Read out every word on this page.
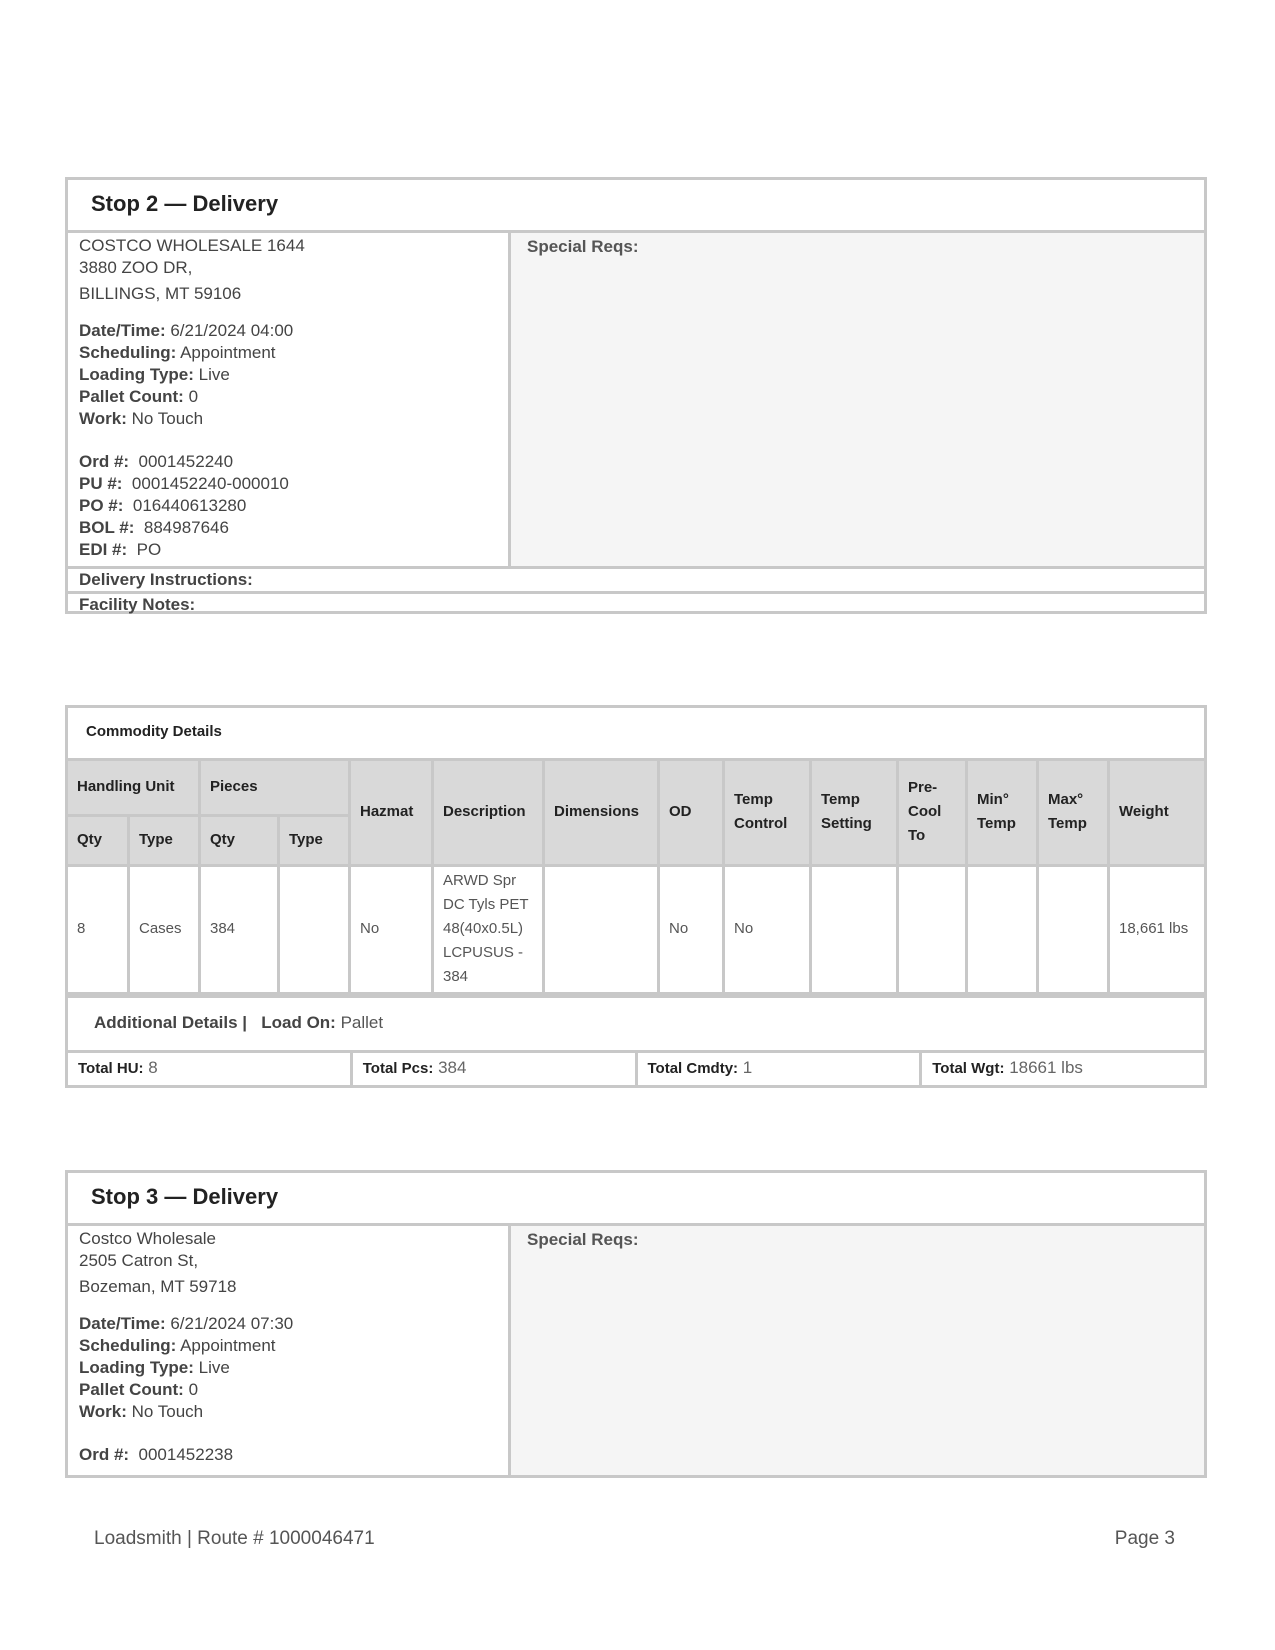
Stop 2 — Delivery
COSTCO WHOLESALE 1644
3880 ZOO DR,
BILLINGS, MT 59106
Date/Time: 6/21/2024 04:00
Scheduling: Appointment
Loading Type: Live
Pallet Count: 0
Work: No Touch
Ord #: 0001452240
PU #: 0001452240-000010
PO #: 016440613280
BOL #: 884987646
EDI #: PO
Special Reqs:
Delivery Instructions:
Facility Notes:
Commodity Details
Handling Unit		Pieces		Hazmat	Description	Dimensions	OD	Temp Control	Temp Setting	Pre-Cool To	Min° Temp	Max° Temp	Weight
Qty	Type	Qty	Type										
8	Cases	384		No	ARWD Spr DC Tyls PET 48(40x0.5L) LCPUSUS - 384		No	No					18,661 lbs
Additional Details | Load On: Pallet
Total HU: 8	Total Pcs: 384	Total Cmdty: 1	Total Wgt: 18661 lbs
Stop 3 — Delivery
Costco Wholesale
2505 Catron St,
Bozeman, MT 59718
Date/Time: 6/21/2024 07:30
Scheduling: Appointment
Loading Type: Live
Pallet Count: 0
Work: No Touch
Ord #: 0001452238
Special Reqs:
Loadsmith | Route # 1000046471	Page 3
